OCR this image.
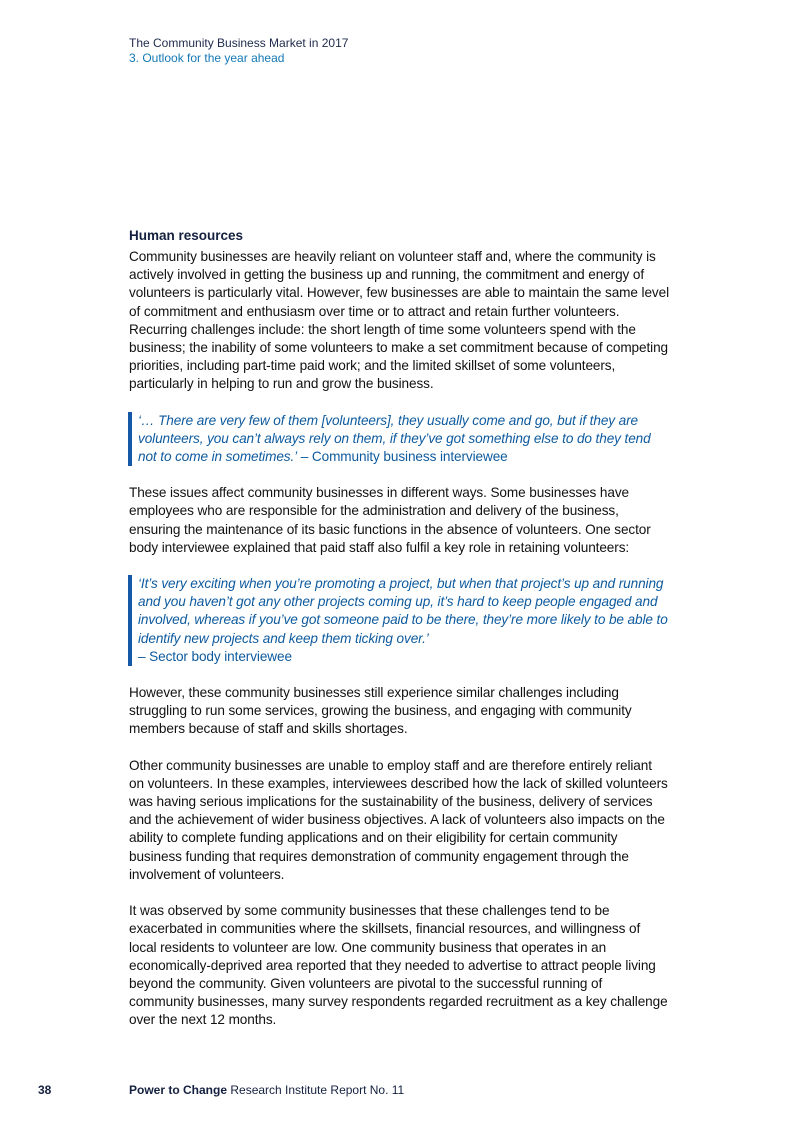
The Community Business Market in 2017
3. Outlook for the year ahead
Human resources

Community businesses are heavily reliant on volunteer staff and, where the community is actively involved in getting the business up and running, the commitment and energy of volunteers is particularly vital. However, few businesses are able to maintain the same level of commitment and enthusiasm over time or to attract and retain further volunteers. Recurring challenges include: the short length of time some volunteers spend with the business; the inability of some volunteers to make a set commitment because of competing priorities, including part-time paid work; and the limited skillset of some volunteers, particularly in helping to run and grow the business.

‘… There are very few of them [volunteers], they usually come and go, but if they are volunteers, you can’t always rely on them, if they’ve got something else to do they tend not to come in sometimes.’ – Community business interviewee

These issues affect community businesses in different ways. Some businesses have employees who are responsible for the administration and delivery of the business, ensuring the maintenance of its basic functions in the absence of volunteers. One sector body interviewee explained that paid staff also fulfil a key role in retaining volunteers:

‘It’s very exciting when you’re promoting a project, but when that project’s up and running and you haven’t got any other projects coming up, it’s hard to keep people engaged and involved, whereas if you’ve got someone paid to be there, they’re more likely to be able to identify new projects and keep them ticking over.’

– Sector body interviewee

However, these community businesses still experience similar challenges including struggling to run some services, growing the business, and engaging with community members because of staff and skills shortages.

Other community businesses are unable to employ staff and are therefore entirely reliant on volunteers. In these examples, interviewees described how the lack of skilled volunteers was having serious implications for the sustainability of the business, delivery of services and the achievement of wider business objectives. A lack of volunteers also impacts on the ability to complete funding applications and on their eligibility for certain community business funding that requires demonstration of community engagement through the involvement of volunteers.

It was observed by some community businesses that these challenges tend to be exacerbated in communities where the skillsets, financial resources, and willingness of local residents to volunteer are low. One community business that operates in an economically-deprived area reported that they needed to advertise to attract people living beyond the community. Given volunteers are pivotal to the successful running of community businesses, many survey respondents regarded recruitment as a key challenge over the next 12 months.

38	Power to Change Research Institute Report No. 11
